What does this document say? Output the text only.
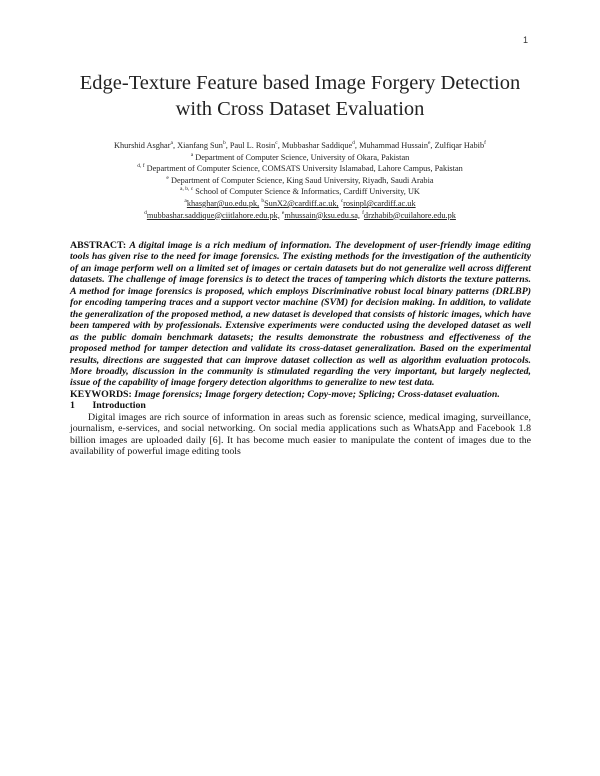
1
Edge-Texture Feature based Image Forgery Detection
with Cross Dataset Evaluation
Khurshid Asghar$^a$, Xianfang Sun$^b$, Paul L. Rosin$^c$, Mubbashar Saddique$^d$, Muhammad Hussain$^e$, Zulfiqar Habib$^f$
$^a$ Department of Computer Science, University of Okara, Pakistan
$^{d, f}$ Department of Computer Science, COMSATS University Islamabad, Lahore Campus, Pakistan
$^e$ Department of Computer Science, King Saud University, Riyadh, Saudi Arabia
$^{a, b, c}$ School of Computer Science & Informatics, Cardiff University, UK
$^a$khasghar@uo.edu.pk, $^b$SunX2@cardiff.ac.uk, $^c$rosinpl@cardiff.ac.uk
$^d$mubbashar.saddique@ciitlahore.edu.pk, $^e$mhussain@ksu.edu.sa, $^f$drzhabib@cuilahore.edu.pk

ABSTRACT: A digital image is a rich medium of information. The development of user-friendly image editing tools has given rise to the need for image forensics. The existing methods for the investigation of the authenticity of an image perform well on a limited set of images or certain datasets but do not generalize well across different datasets. The challenge of image forensics is to detect the traces of tampering which distorts the texture patterns. A method for image forensics is proposed, which employs Discriminative robust local binary patterns (DRLBP) for encoding tampering traces and a support vector machine (SVM) for decision making. In addition, to validate the generalization of the proposed method, a new dataset is developed that consists of historic images, which have been tampered with by professionals. Extensive experiments were conducted using the developed dataset as well as the public domain benchmark datasets; the results demonstrate the robustness and effectiveness of the proposed method for tamper detection and validate its cross-dataset generalization. Based on the experimental results, directions are suggested that can improve dataset collection as well as algorithm evaluation protocols. More broadly, discussion in the community is stimulated regarding the very important, but largely neglected, issue of the capability of image forgery detection algorithms to generalize to new test data.

KEYWORDS: Image forensics; Image forgery detection; Copy-move; Splicing; Cross-dataset evaluation.

1 Introduction

Digital images are rich source of information in areas such as forensic science, medical imaging, surveillance, journalism, e-services, and social networking. On social media applications such as WhatsApp and Facebook 1.8 billion images are uploaded daily [6]. It has become much easier to manipulate the content of images due to the availability of powerful image editing tools
